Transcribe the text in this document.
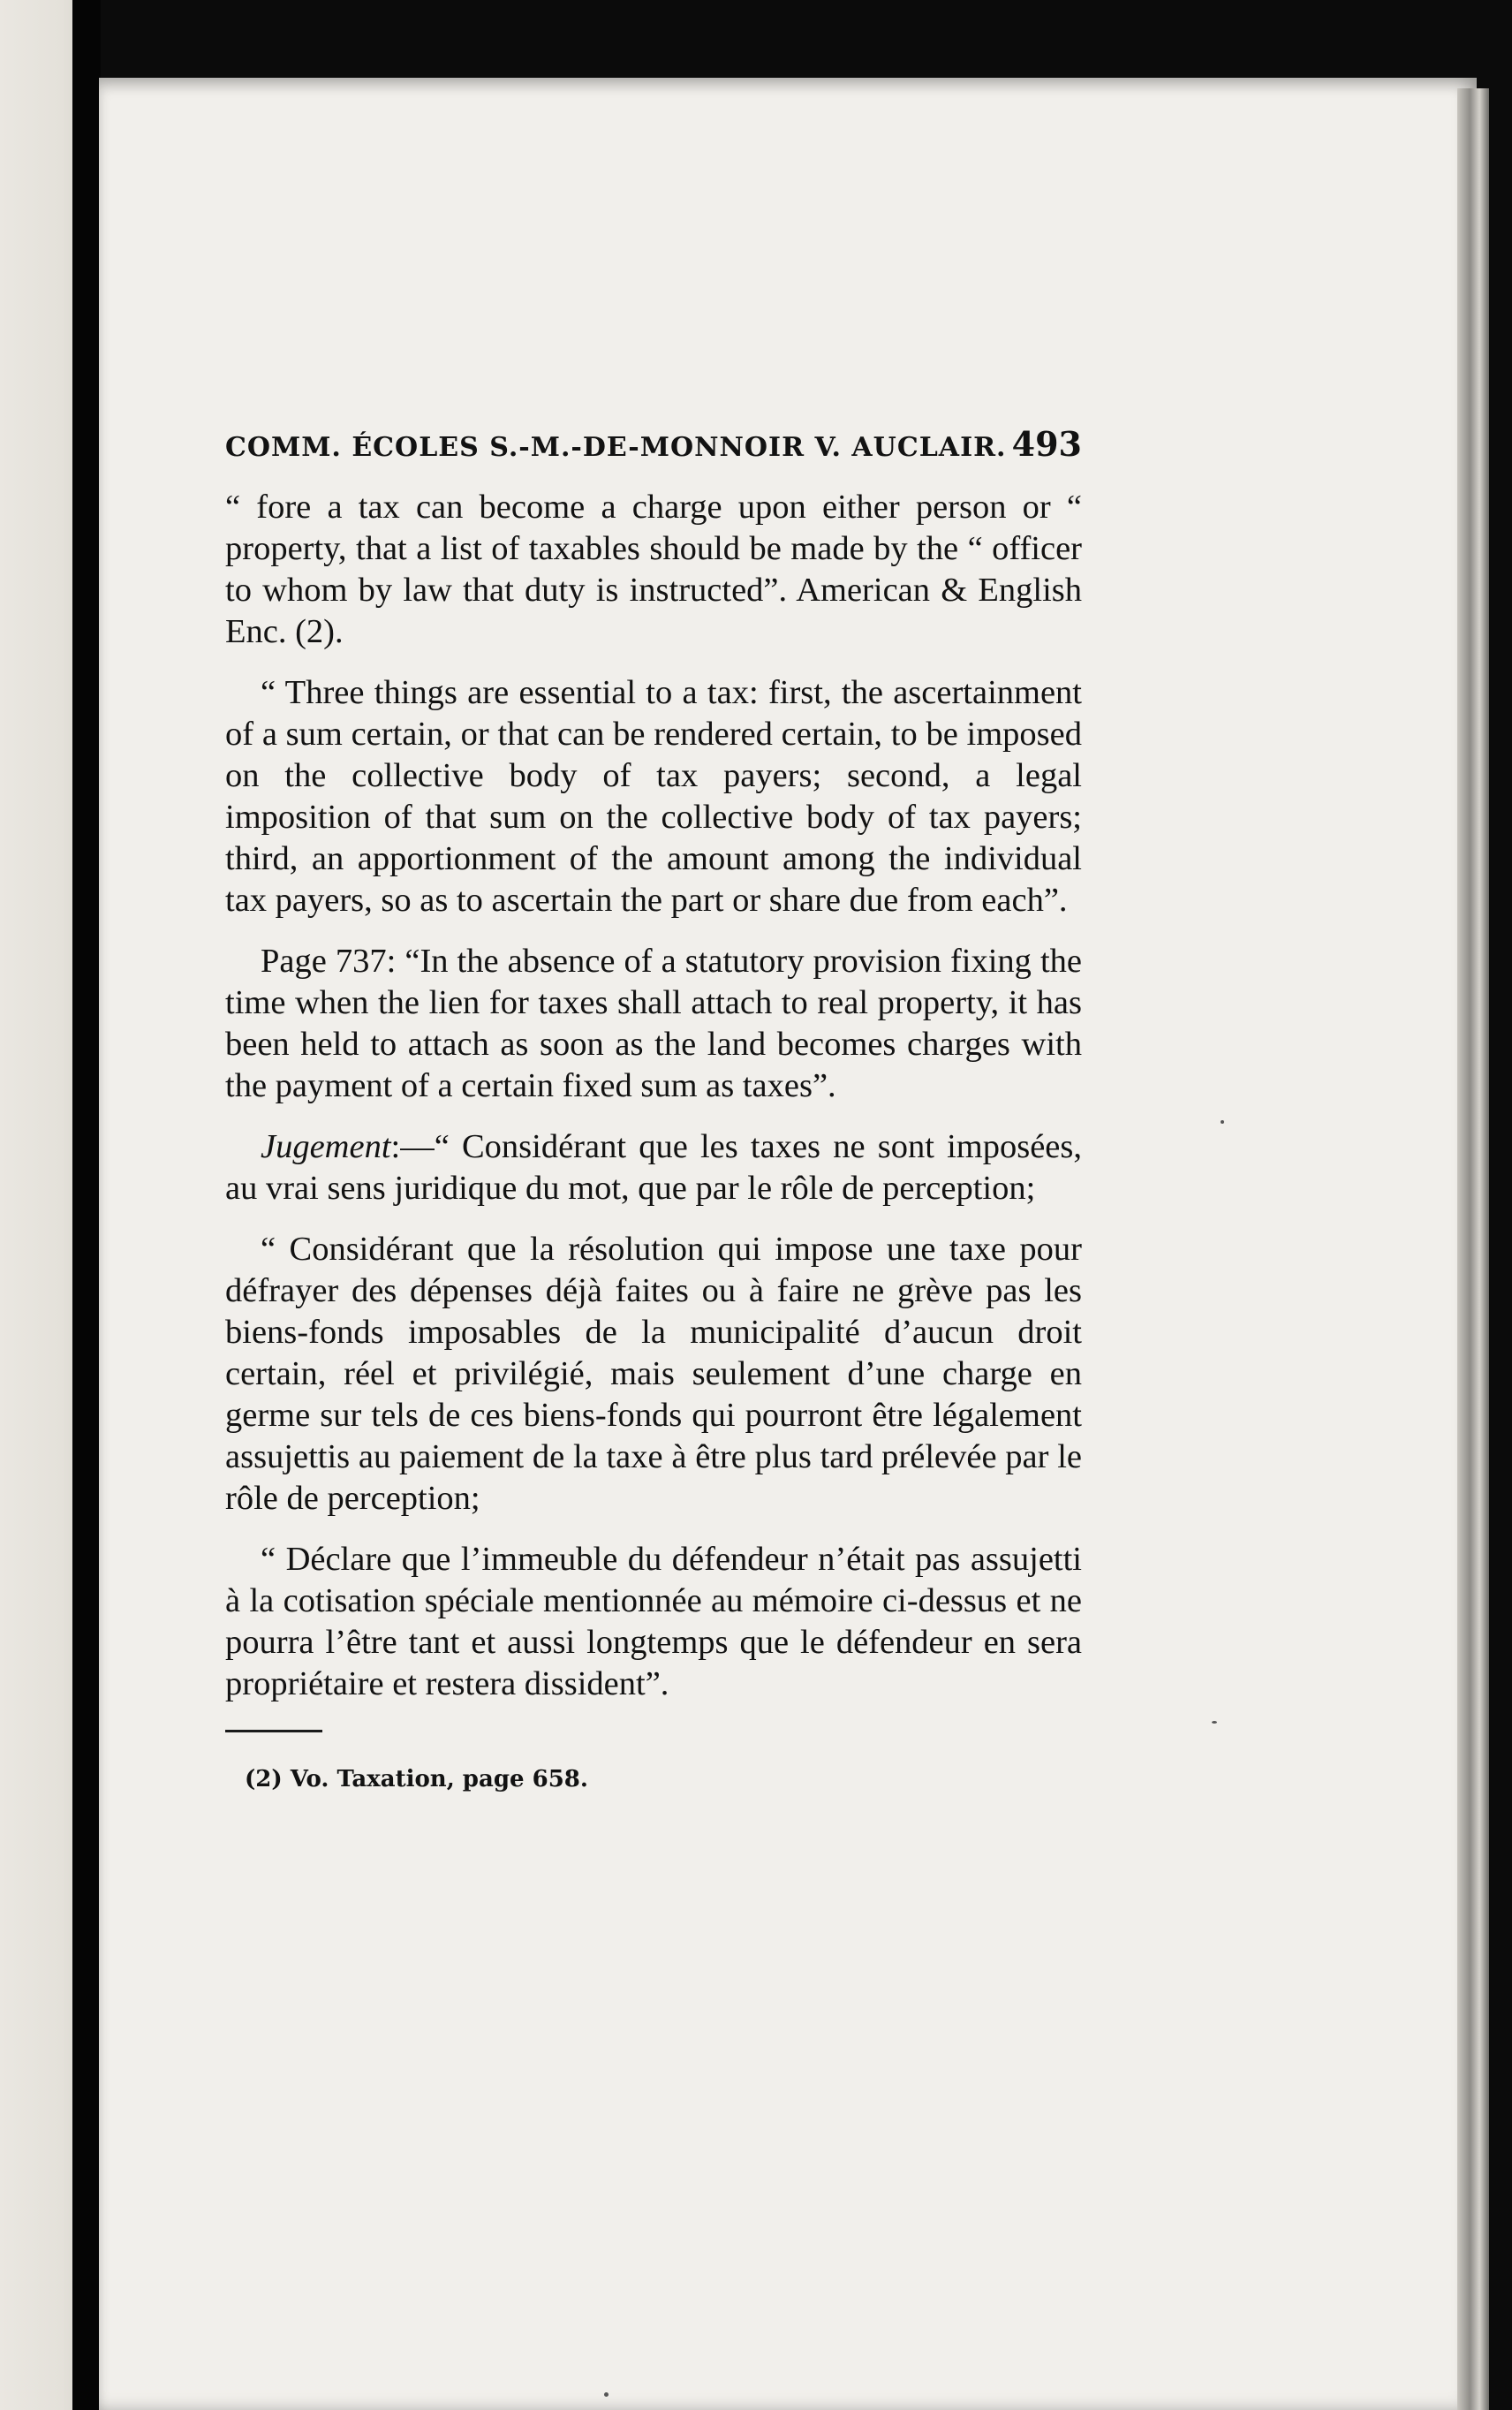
COMM. ÉCOLES S.-M.-DE-MONNOIR V. AUCLAIR. 493

“ fore a tax can become a charge upon either person or “ property, that a list of taxables should be made by the “ officer to whom by law that duty is instructed”. American & English Enc. (2).

“ Three things are essential to a tax: first, the ascertainment of a sum certain, or that can be rendered certain, to be imposed on the collective body of tax payers; second, a legal imposition of that sum on the collective body of tax payers; third, an apportionment of the amount among the individual tax payers, so as to ascertain the part or share due from each”.

Page 737: “In the absence of a statutory provision fixing the time when the lien for taxes shall attach to real property, it has been held to attach as soon as the land becomes charges with the payment of a certain fixed sum as taxes”.

Jugement:—“ Considérant que les taxes ne sont imposées, au vrai sens juridique du mot, que par le rôle de perception;

“ Considérant que la résolution qui impose une taxe pour défrayer des dépenses déjà faites ou à faire ne grève pas les biens-fonds imposables de la municipalité d’aucun droit certain, réel et privilégié, mais seulement d’une charge en germe sur tels de ces biens-fonds qui pourront être légalement assujettis au paiement de la taxe à être plus tard prélevée par le rôle de perception;

“ Déclare que l’immeuble du défendeur n’était pas assujetti à la cotisation spéciale mentionnée au mémoire ci-dessus et ne pourra l’être tant et aussi longtemps que le défendeur en sera propriétaire et restera dissident”.

(2) Vo. Taxation, page 658.
